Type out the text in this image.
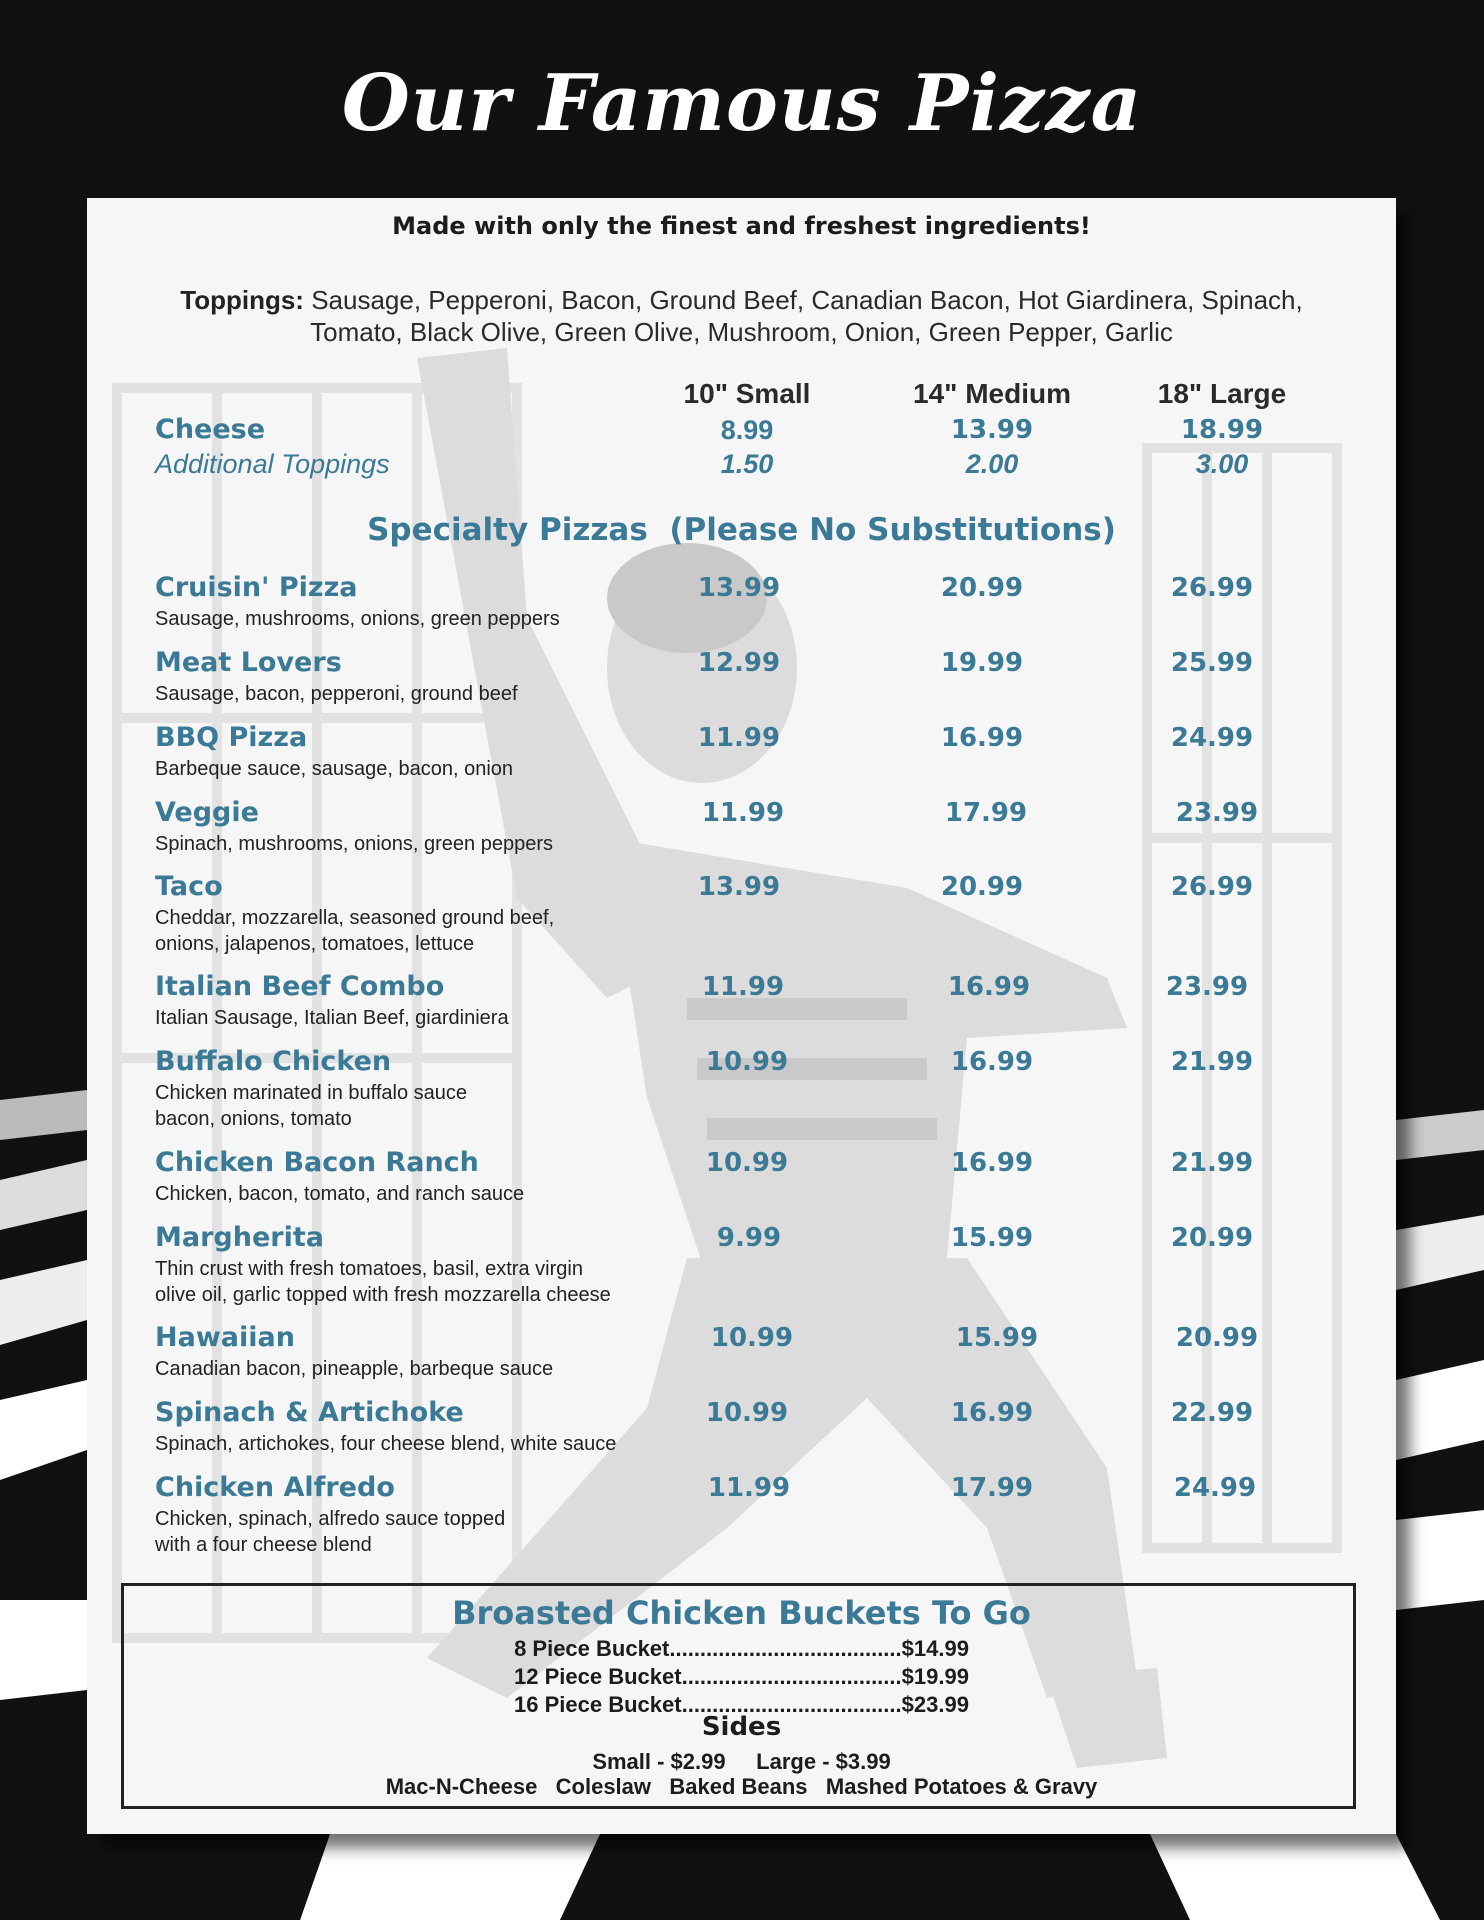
Our Famous Pizza
Made with only the finest and freshest ingredients!
Toppings: Sausage, Pepperoni, Bacon, Ground Beef, Canadian Bacon, Hot Giardinera, Spinach,
Tomato, Black Olive, Green Olive, Mushroom, Onion, Green Pepper, Garlic
10" Small	14" Medium	18" Large
Cheese	8.99	13.99	18.99
Additional Toppings	1.50	2.00	3.00
Specialty Pizzas  (Please No Substitutions)
Cruisin' Pizza
Sausage, mushrooms, onions, green peppers
13.99	20.99	26.99
Meat Lovers
Sausage, bacon, pepperoni, ground beef
12.99	19.99	25.99
BBQ Pizza
Barbeque sauce, sausage, bacon, onion
11.99	16.99	24.99
Veggie
Spinach, mushrooms, onions, green peppers
11.99	17.99	23.99
Taco
Cheddar, mozzarella, seasoned ground beef,
onions, jalapenos, tomatoes, lettuce
13.99	20.99	26.99
Italian Beef Combo
Italian Sausage, Italian Beef, giardiniera
11.99	16.99	23.99
Buffalo Chicken
Chicken marinated in buffalo sauce
bacon, onions, tomato
10.99	16.99	21.99
Chicken Bacon Ranch
Chicken, bacon, tomato, and ranch sauce
10.99	16.99	21.99
Margherita
Thin crust with fresh tomatoes, basil, extra virgin
olive oil, garlic topped with fresh mozzarella cheese
9.99	15.99	20.99
Hawaiian
Canadian bacon, pineapple, barbeque sauce
10.99	15.99	20.99
Spinach & Artichoke
Spinach, artichokes, four cheese blend, white sauce
10.99	16.99	22.99
Chicken Alfredo
Chicken, spinach, alfredo sauce topped
with a four cheese blend
11.99	17.99	24.99
Broasted Chicken Buckets To Go
8 Piece Bucket......................................$14.99
12 Piece Bucket....................................$19.99
16 Piece Bucket....................................$23.99
Sides
Small - $2.99     Large - $3.99
Mac-N-Cheese   Coleslaw   Baked Beans   Mashed Potatoes & Gravy
